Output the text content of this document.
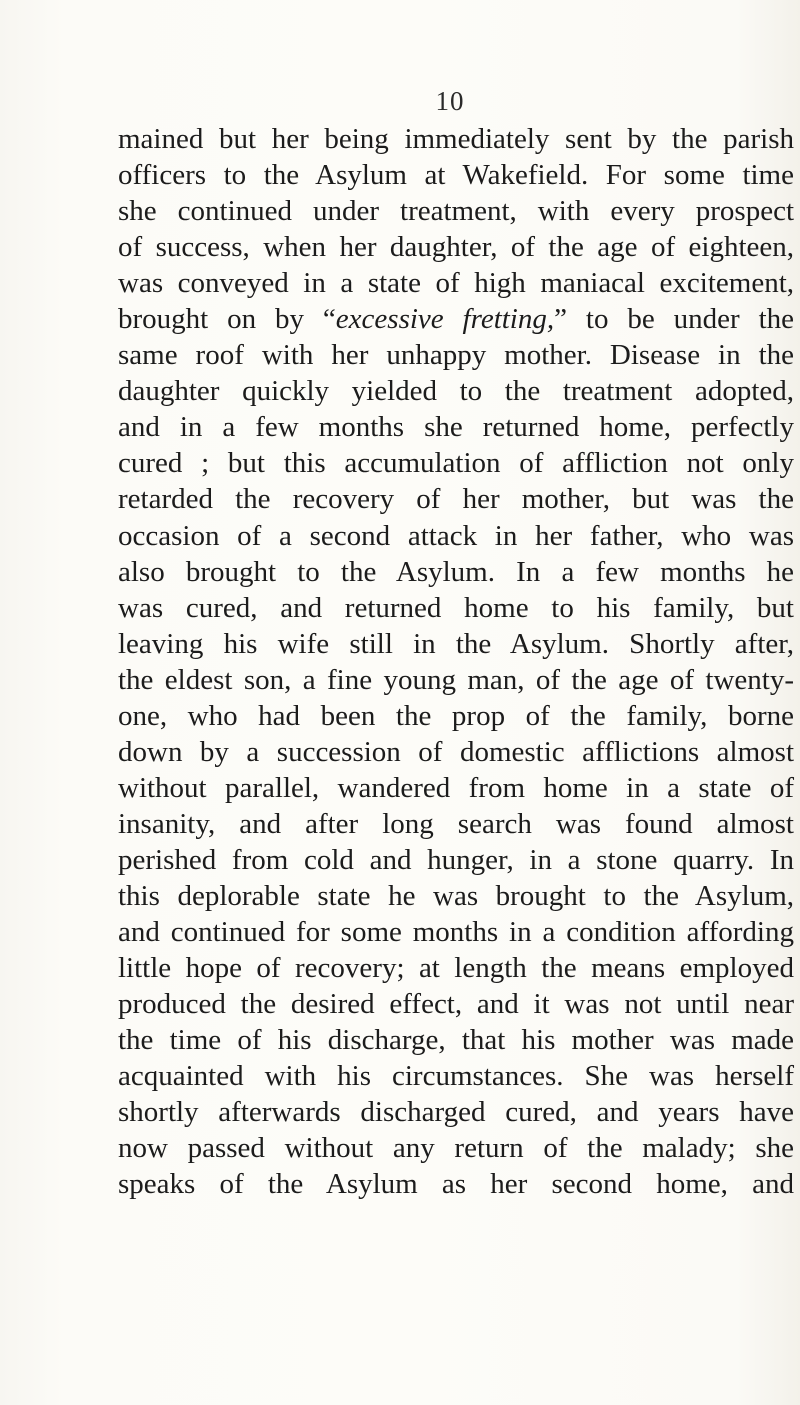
10
mained but her being immediately sent by the parish
officers to the Asylum at Wakefield. For some time
she continued under treatment, with every prospect
of success, when her daughter, of the age of eighteen,
was conveyed in a state of high maniacal excitement,
brought on by “excessive fretting,” to be under the
same roof with her unhappy mother. Disease in the
daughter quickly yielded to the treatment adopted,
and in a few months she returned home, perfectly
cured ; but this accumulation of affliction not only
retarded the recovery of her mother, but was the
occasion of a second attack in her father, who was
also brought to the Asylum. In a few months he
was cured, and returned home to his family, but
leaving his wife still in the Asylum. Shortly after,
the eldest son, a fine young man, of the age of twenty-
one, who had been the prop of the family, borne
down by a succession of domestic afflictions almost
without parallel, wandered from home in a state of
insanity, and after long search was found almost
perished from cold and hunger, in a stone quarry. In
this deplorable state he was brought to the Asylum,
and continued for some months in a condition affording
little hope of recovery; at length the means employed
produced the desired effect, and it was not until near
the time of his discharge, that his mother was made
acquainted with his circumstances. She was herself
shortly afterwards discharged cured, and years have
now passed without any return of the malady; she
speaks of the Asylum as her second home, and
